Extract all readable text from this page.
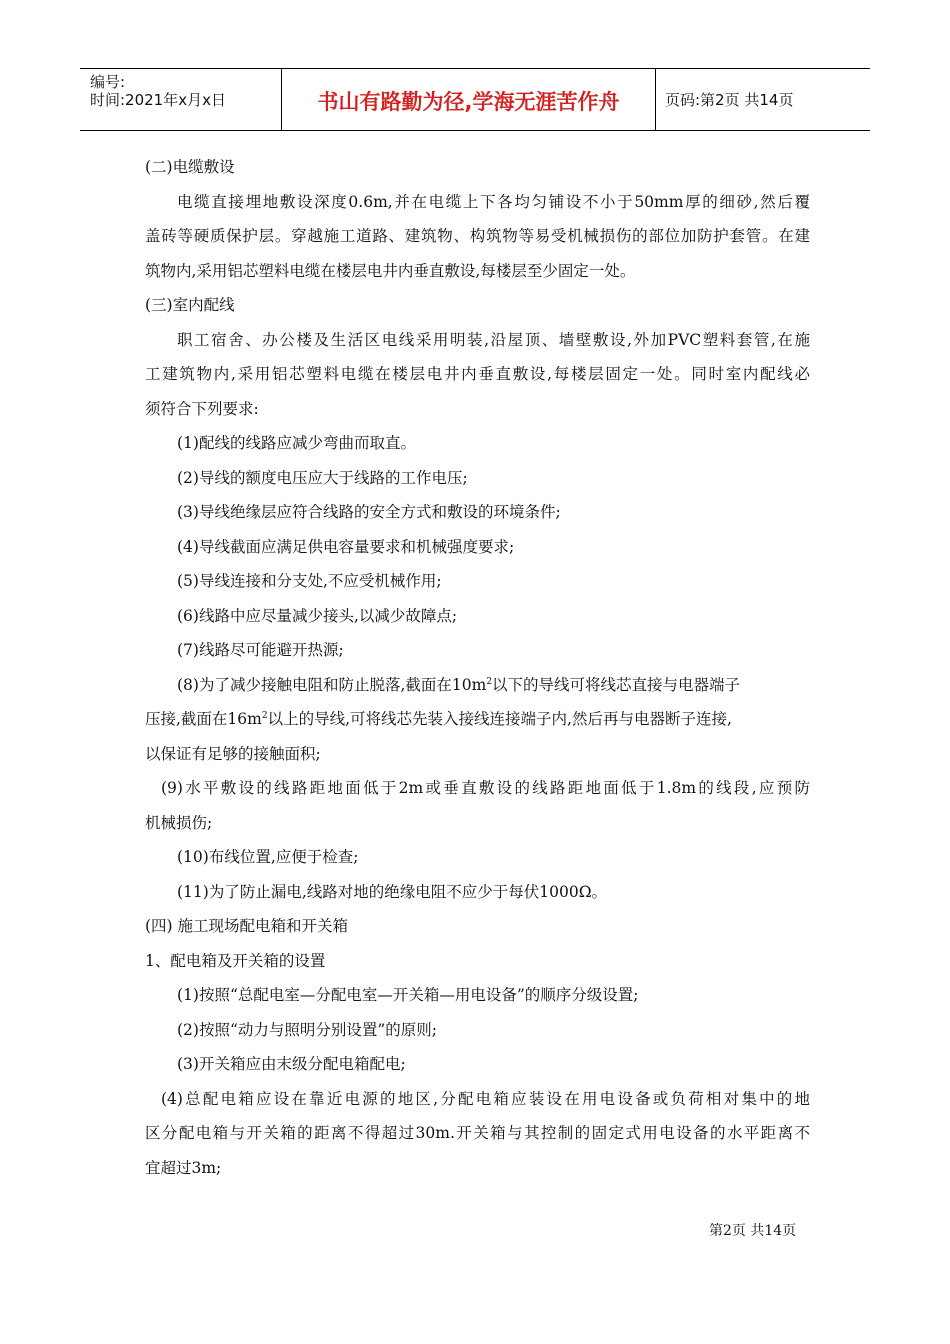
编号:
时间:2021年x月x日	书山有路勤为径,学海无涯苦作舟	页码:第2页 共14页
(二)电缆敷设
电缆直接埋地敷设深度0.6m,并在电缆上下各均匀铺设不小于50mm厚的细砂,然后覆
盖砖等硬质保护层。穿越施工道路、建筑物、构筑物等易受机械损伤的部位加防护套管。在建
筑物内,采用铝芯塑料电缆在楼层电井内垂直敷设,每楼层至少固定一处。
(三)室内配线
职工宿舍、办公楼及生活区电线采用明装,沿屋顶、墙壁敷设,外加PVC塑料套管,在施
工建筑物内,采用铝芯塑料电缆在楼层电井内垂直敷设,每楼层固定一处。同时室内配线必
须符合下列要求:
(1)配线的线路应减少弯曲而取直。
(2)导线的额度电压应大于线路的工作电压;
(3)导线绝缘层应符合线路的安全方式和敷设的环境条件;
(4)导线截面应满足供电容量要求和机械强度要求;
(5)导线连接和分支处,不应受机械作用;
(6)线路中应尽量减少接头,以减少故障点;
(7)线路尽可能避开热源;
(8)为了减少接触电阻和防止脱落,截面在$10m^2$以下的导线可将线芯直接与电器端子
压接,截面在$16m^2$以上的导线,可将线芯先装入接线连接端子内,然后再与电器断子连接,
以保证有足够的接触面积;
(9)水平敷设的线路距地面低于2m或垂直敷设的线路距地面低于1.8m的线段,应预防
机械损伤;
(10)布线位置,应便于检查;
(11)为了防止漏电,线路对地的绝缘电阻不应少于每伏1000Ω。
(四) 施工现场配电箱和开关箱
1、配电箱及开关箱的设置
(1)按照“总配电室—分配电室—开关箱—用电设备”的顺序分级设置;
(2)按照“动力与照明分别设置”的原则;
(3)开关箱应由末级分配电箱配电;
(4)总配电箱应设在靠近电源的地区,分配电箱应装设在用电设备或负荷相对集中的地
区分配电箱与开关箱的距离不得超过30m.开关箱与其控制的固定式用电设备的水平距离不
宜超过3m;
第2页 共14页
